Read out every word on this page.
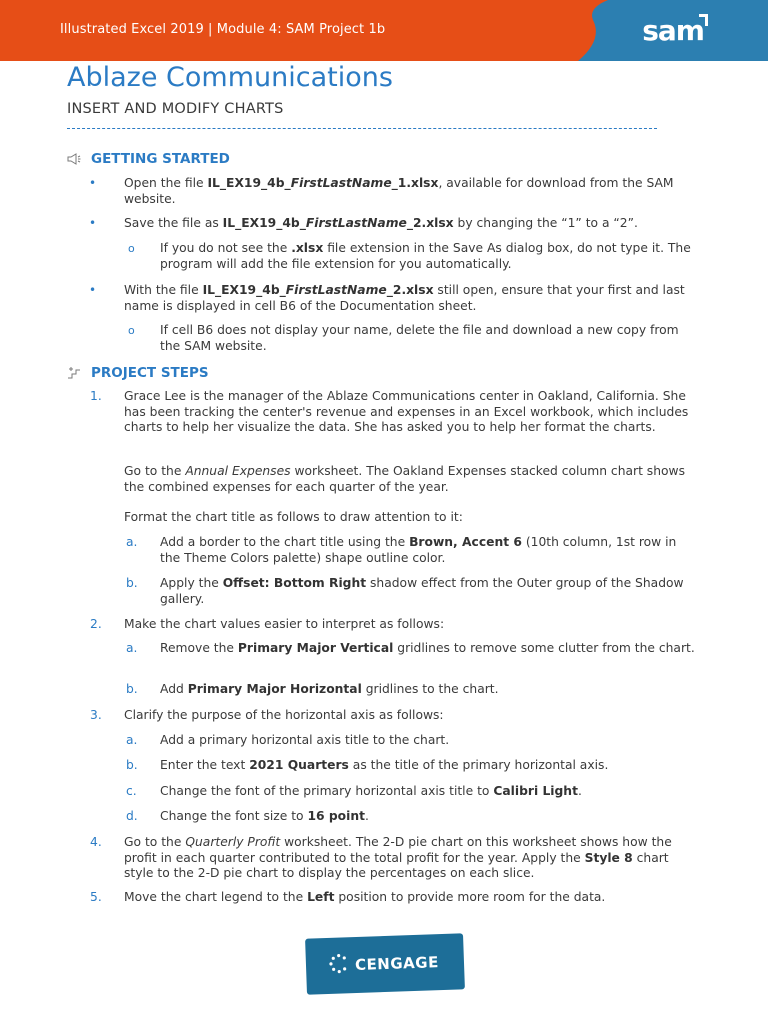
Illustrated Excel 2019 | Module 4: SAM Project 1b	sam
Ablaze Communications
INSERT AND MODIFY CHARTS
GETTING STARTED
• Open the file IL_EX19_4b_FirstLastName_1.xlsx, available for download from the SAM website.
• Save the file as IL_EX19_4b_FirstLastName_2.xlsx by changing the “1” to a “2”.
o If you do not see the .xlsx file extension in the Save As dialog box, do not type it. The program will add the file extension for you automatically.
• With the file IL_EX19_4b_FirstLastName_2.xlsx still open, ensure that your first and last name is displayed in cell B6 of the Documentation sheet.
o If cell B6 does not display your name, delete the file and download a new copy from the SAM website.
PROJECT STEPS
1. Grace Lee is the manager of the Ablaze Communications center in Oakland, California. She has been tracking the center's revenue and expenses in an Excel workbook, which includes charts to help her visualize the data. She has asked you to help her format the charts.
Go to the Annual Expenses worksheet. The Oakland Expenses stacked column chart shows the combined expenses for each quarter of the year.
Format the chart title as follows to draw attention to it:
a. Add a border to the chart title using the Brown, Accent 6 (10th column, 1st row in the Theme Colors palette) shape outline color.
b. Apply the Offset: Bottom Right shadow effect from the Outer group of the Shadow gallery.
2. Make the chart values easier to interpret as follows:
a. Remove the Primary Major Vertical gridlines to remove some clutter from the chart.
b. Add Primary Major Horizontal gridlines to the chart.
3. Clarify the purpose of the horizontal axis as follows:
a. Add a primary horizontal axis title to the chart.
b. Enter the text 2021 Quarters as the title of the primary horizontal axis.
c. Change the font of the primary horizontal axis title to Calibri Light.
d. Change the font size to 16 point.
4. Go to the Quarterly Profit worksheet. The 2-D pie chart on this worksheet shows how the profit in each quarter contributed to the total profit for the year. Apply the Style 8 chart style to the 2-D pie chart to display the percentages on each slice.
5. Move the chart legend to the Left position to provide more room for the data.
CENGAGE
